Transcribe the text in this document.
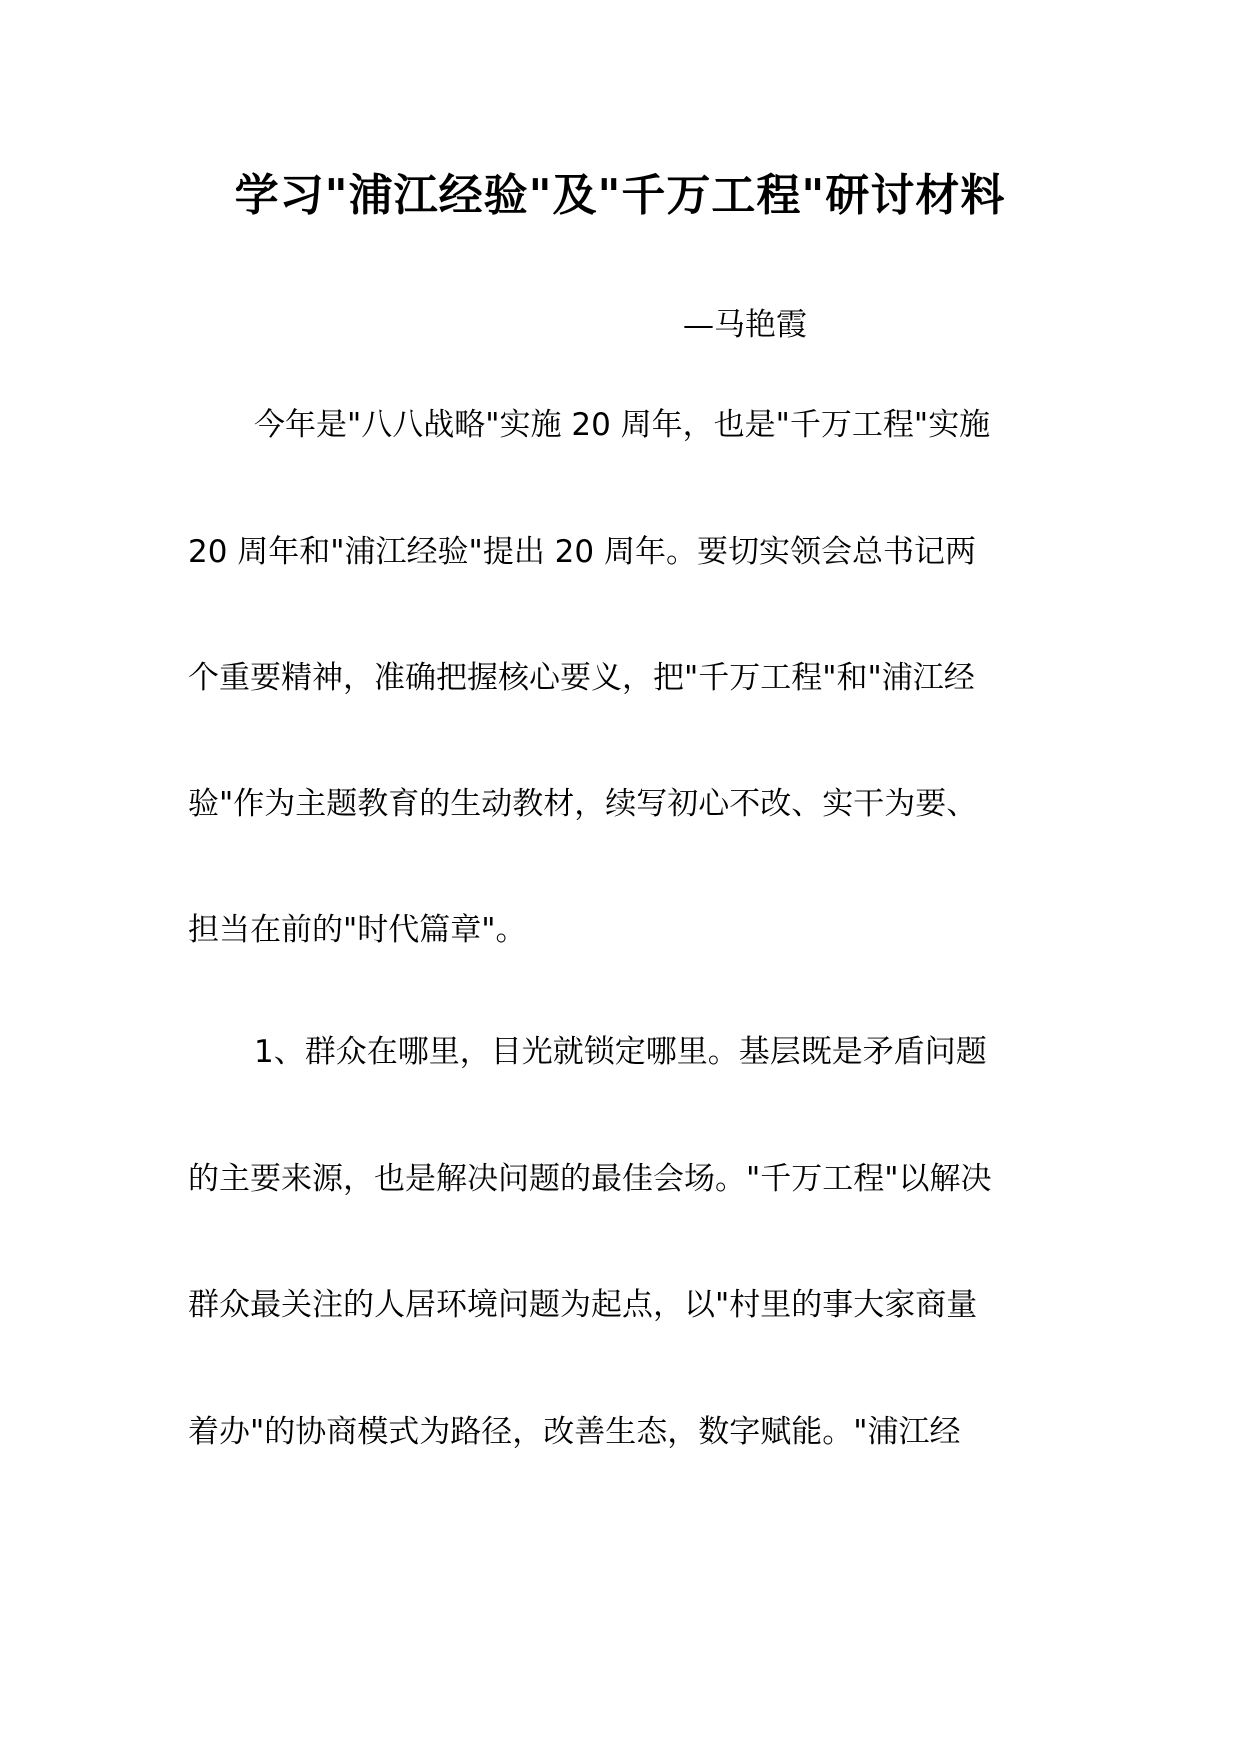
学习"浦江经验"及"千万工程"研讨材料
—马艳霞
今年是"八八战略"实施 20 周年，也是"千万工程"实施
20 周年和"浦江经验"提出 20 周年。要切实领会总书记两
个重要精神，准确把握核心要义，把"千万工程"和"浦江经
验"作为主题教育的生动教材，续写初心不改、实干为要、
担当在前的"时代篇章"。
1、群众在哪里，目光就锁定哪里。基层既是矛盾问题
的主要来源，也是解决问题的最佳会场。"千万工程"以解决
群众最关注的人居环境问题为起点，以"村里的事大家商量
着办"的协商模式为路径，改善生态，数字赋能。"浦江经
